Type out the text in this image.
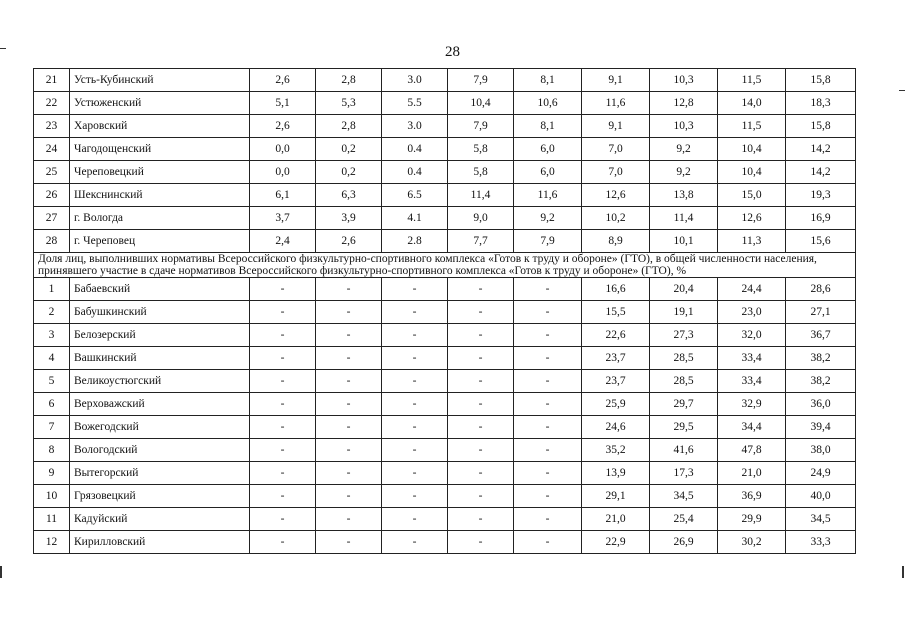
28
21	Усть-Кубинский	2,6	2,8	3.0	7,9	8,1	9,1	10,3	11,5	15,8
22	Устюженский	5,1	5,3	5.5	10,4	10,6	11,6	12,8	14,0	18,3
23	Харовский	2,6	2,8	3.0	7,9	8,1	9,1	10,3	11,5	15,8
24	Чагодощенский	0,0	0,2	0.4	5,8	6,0	7,0	9,2	10,4	14,2
25	Череповецкий	0,0	0,2	0.4	5,8	6,0	7,0	9,2	10,4	14,2
26	Шекснинский	6,1	6,3	6.5	11,4	11,6	12,6	13,8	15,0	19,3
27	г. Вологда	3,7	3,9	4.1	9,0	9,2	10,2	11,4	12,6	16,9
28	г. Череповец	2,4	2,6	2.8	7,7	7,9	8,9	10,1	11,3	15,6
Доля лиц, выполнивших нормативы Всероссийского физкультурно-спортивного комплекса «Готов к труду и обороне» (ГТО), в общей численности населения, принявшего участие в сдаче нормативов Всероссийского физкультурно-спортивного комплекса «Готов к труду и обороне» (ГТО), %										
1	Бабаевский	-	-	-	-	-	16,6	20,4	24,4	28,6
2	Бабушкинский	-	-	-	-	-	15,5	19,1	23,0	27,1
3	Белозерский	-	-	-	-	-	22,6	27,3	32,0	36,7
4	Вашкинский	-	-	-	-	-	23,7	28,5	33,4	38,2
5	Великоустюгский	-	-	-	-	-	23,7	28,5	33,4	38,2
6	Верховажский	-	-	-	-	-	25,9	29,7	32,9	36,0
7	Вожегодский	-	-	-	-	-	24,6	29,5	34,4	39,4
8	Вологодский	-	-	-	-	-	35,2	41,6	47,8	38,0
9	Вытегорский	-	-	-	-	-	13,9	17,3	21,0	24,9
10	Грязовецкий	-	-	-	-	-	29,1	34,5	36,9	40,0
11	Кадуйский	-	-	-	-	-	21,0	25,4	29,9	34,5
12	Кирилловский	-	-	-	-	-	22,9	26,9	30,2	33,3
